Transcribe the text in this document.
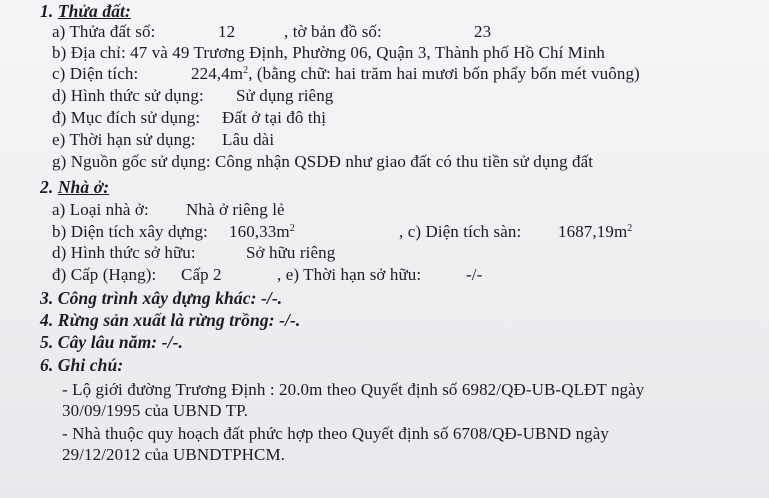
1. Thửa đất:
a) Thửa đất số:	12	, tờ bản đồ số:	23
b) Địa chỉ: 47 và 49 Trương Định, Phường 06, Quận 3, Thành phố Hồ Chí Minh
c) Diện tích:	$224,4m^2$, (bằng chữ: hai trăm hai mươi bốn phẩy bốn mét vuông)
d) Hình thức sử dụng: Sử dụng riêng
đ) Mục đích sử dụng: Đất ở tại đô thị
e) Thời hạn sử dụng: Lâu dài
g) Nguồn gốc sử dụng: Công nhận QSDĐ như giao đất có thu tiền sử dụng đất
2. Nhà ở:
a) Loại nhà ở: Nhà ở riêng lẻ
b) Diện tích xây dựng: $160,33m^2$	, c) Diện tích sàn: $1687,19m^2$
d) Hình thức sở hữu:	Sở hữu riêng
đ) Cấp (Hạng): Cấp 2	, e) Thời hạn sở hữu:	-/-
3. Công trình xây dựng khác: -/-.
4. Rừng sản xuất là rừng trồng: -/-.
5. Cây lâu năm: -/-.
6. Ghi chú:
- Lộ giới đường Trương Định : 20.0m theo Quyết định số 6982/QĐ-UB-QLĐT ngày
30/09/1995 của UBND TP.
- Nhà thuộc quy hoạch đất phức hợp theo Quyết định số 6708/QĐ-UBND ngày
29/12/2012 của UBNDTPHCM.
